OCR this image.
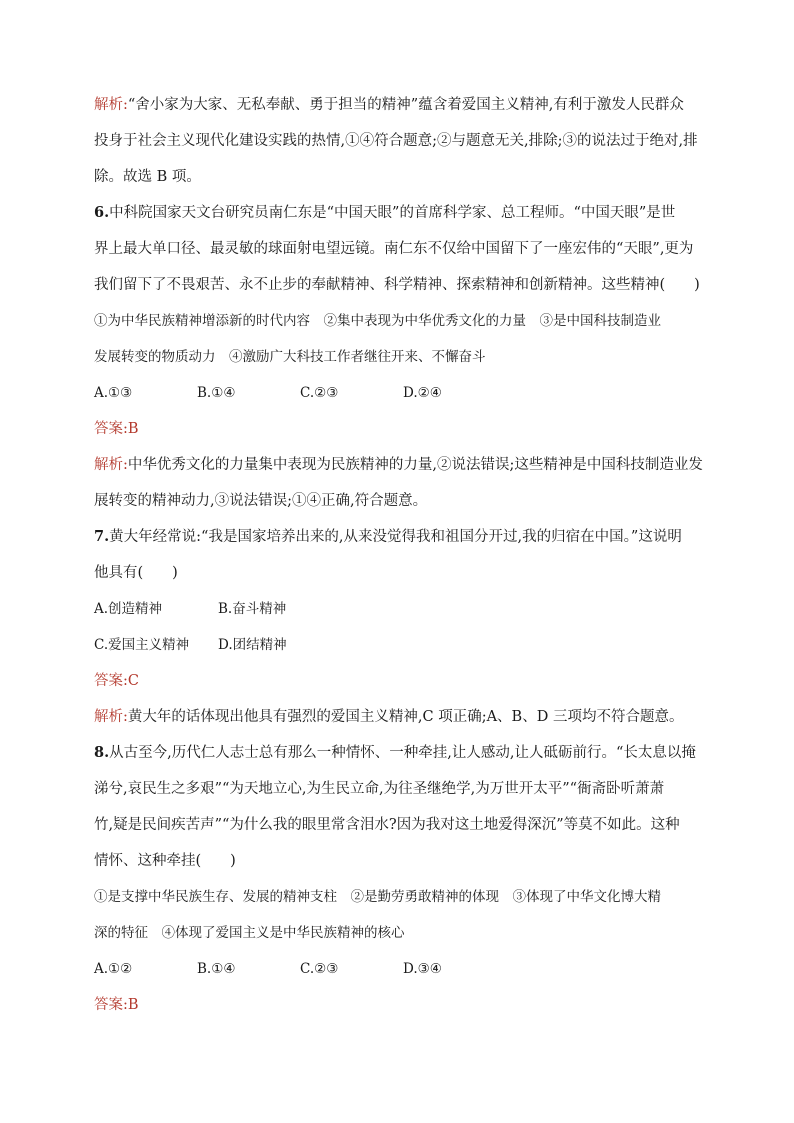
解析:“舍小家为大家、无私奉献、勇于担当的精神”蕴含着爱国主义精神,有利于激发人民群众

投身于社会主义现代化建设实践的热情,①④符合题意;②与题意无关,排除;③的说法过于绝对,排

除。故选 B 项。

6.中科院国家天文台研究员南仁东是“中国天眼”的首席科学家、总工程师。“中国天眼”是世

界上最大单口径、最灵敏的球面射电望远镜。南仁东不仅给中国留下了一座宏伟的“天眼”,更为

我们留下了不畏艰苦、永不止步的奉献精神、科学精神、探索精神和创新精神。这些精神(　　)

①为中华民族精神增添新的时代内容　②集中表现为中华优秀文化的力量　③是中国科技制造业

发展转变的物质动力　④激励广大科技工作者继往开来、不懈奋斗

A.①③	B.①④	C.②③	D.②④

答案:B

解析:中华优秀文化的力量集中表现为民族精神的力量,②说法错误;这些精神是中国科技制造业发

展转变的精神动力,③说法错误;①④正确,符合题意。

7.黄大年经常说:“我是国家培养出来的,从来没觉得我和祖国分开过,我的归宿在中国。”这说明

他具有(　　)

A.创造精神	B.奋斗精神
C.爱国主义精神	D.团结精神

答案:C

解析:黄大年的话体现出他具有强烈的爱国主义精神,C 项正确;A、B、D 三项均不符合题意。

8.从古至今,历代仁人志士总有那么一种情怀、一种牵挂,让人感动,让人砥砺前行。“长太息以掩

涕兮,哀民生之多艰”“为天地立心,为生民立命,为往圣继绝学,为万世开太平”“衙斋卧听萧萧

竹,疑是民间疾苦声”“为什么我的眼里常含泪水?因为我对这土地爱得深沉”等莫不如此。这种

情怀、这种牵挂(　　)

①是支撑中华民族生存、发展的精神支柱　②是勤劳勇敢精神的体现　③体现了中华文化博大精

深的特征　④体现了爱国主义是中华民族精神的核心

A.①②	B.①④	C.②③	D.③④

答案:B
